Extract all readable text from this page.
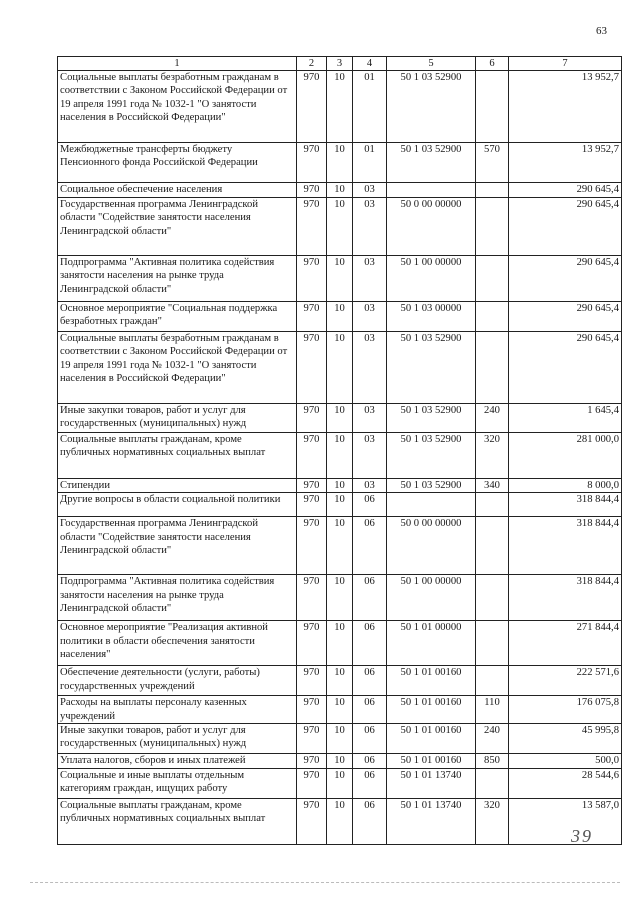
63
1	2	3	4	5	6	7
Социальные выплаты безработным гражданам в соответствии с Законом Российской Федерации от 19 апреля 1991 года № 1032-1 "О занятости населения в Российской Федерации"	970	10	01	50 1 03 52900		13 952,7
Межбюджетные трансферты бюджету Пенсионного фонда Российской Федерации	970	10	01	50 1 03 52900	570	13 952,7
Социальное обеспечение населения	970	10	03			290 645,4
Государственная программа Ленинградской области "Содействие занятости населения Ленинградской области"	970	10	03	50 0 00 00000		290 645,4
Подпрограмма "Активная политика содействия занятости населения на рынке труда Ленинградской области"	970	10	03	50 1 00 00000		290 645,4
Основное мероприятие "Социальная поддержка безработных граждан"	970	10	03	50 1 03 00000		290 645,4
Социальные выплаты безработным гражданам в соответствии с Законом Российской Федерации от 19 апреля 1991 года № 1032-1 "О занятости населения в Российской Федерации"	970	10	03	50 1 03 52900		290 645,4
Иные закупки товаров, работ и услуг для государственных (муниципальных) нужд	970	10	03	50 1 03 52900	240	1 645,4
Социальные выплаты гражданам, кроме публичных нормативных социальных выплат	970	10	03	50 1 03 52900	320	281 000,0
Стипендии	970	10	03	50 1 03 52900	340	8 000,0
Другие вопросы в области социальной политики	970	10	06			318 844,4
Государственная программа Ленинградской области "Содействие занятости населения Ленинградской области"	970	10	06	50 0 00 00000		318 844,4
Подпрограмма "Активная политика содействия занятости населения на рынке труда Ленинградской области"	970	10	06	50 1 00 00000		318 844,4
Основное мероприятие "Реализация активной политики в области обеспечения занятости населения"	970	10	06	50 1 01 00000		271 844,4
Обеспечение деятельности (услуги, работы) государственных учреждений	970	10	06	50 1 01 00160		222 571,6
Расходы на выплаты персоналу казенных учреждений	970	10	06	50 1 01 00160	110	176 075,8
Иные закупки товаров, работ и услуг для государственных (муниципальных) нужд	970	10	06	50 1 01 00160	240	45 995,8
Уплата налогов, сборов и иных платежей	970	10	06	50 1 01 00160	850	500,0
Социальные и иные выплаты отдельным категориям граждан, ищущих работу	970	10	06	50 1 01 13740		28 544,6
Социальные выплаты гражданам, кроме публичных нормативных социальных выплат	970	10	06	50 1 01 13740	320	13 587,0
39
